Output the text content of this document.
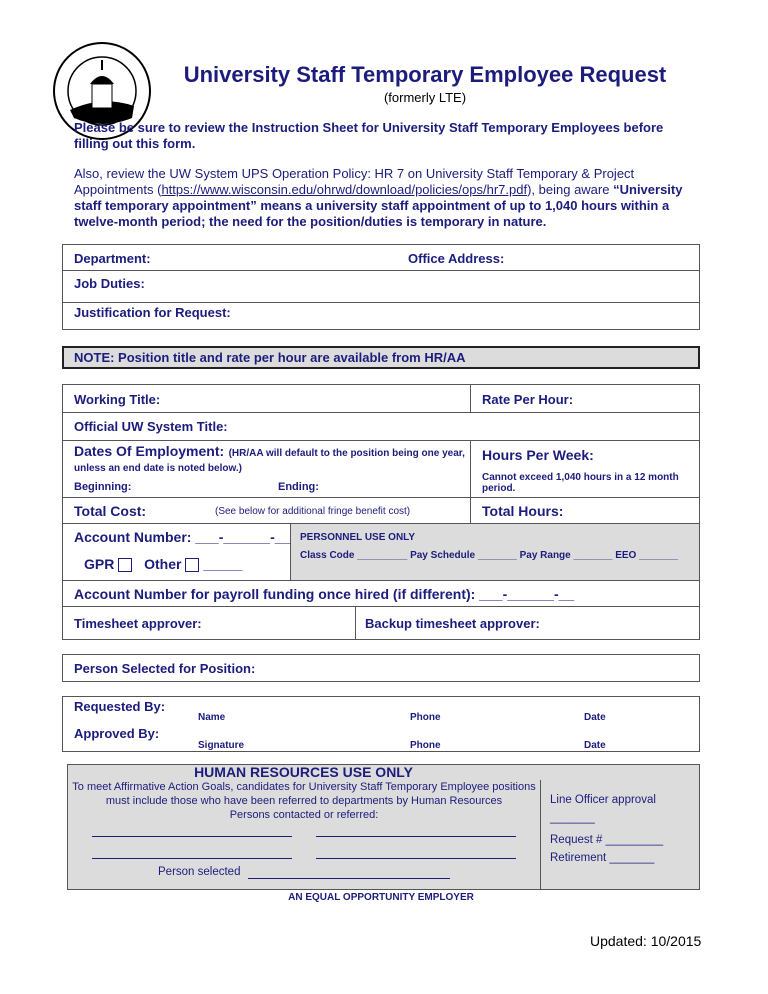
University Staff Temporary Employee Request
(formerly LTE)
Please be sure to review the Instruction Sheet for University Staff Temporary Employees before filling out this form.
Also, review the UW System UPS Operation Policy: HR 7 on University Staff Temporary & Project Appointments (https://www.wisconsin.edu/ohrwd/download/policies/ops/hr7.pdf), being aware “University staff temporary appointment” means a university staff appointment of up to 1,040 hours within a twelve-month period; the need for the position/duties is temporary in nature.
Department:	Office Address:
Job Duties:
Justification for Request:
NOTE: Position title and rate per hour are available from HR/AA
Working Title:	Rate Per Hour:
Official UW System Title:
Dates Of Employment: (HR/AA will default to the position being one year,
unless an end date is noted below.)
Beginning:	Ending:
Hours Per Week:
Cannot exceed 1,040 hours in a 12 month period.
Total Cost:	(See below for additional fringe benefit cost)	Total Hours:
Account Number: ___-______-__
GPR Other _____
PERSONNEL USE ONLY
Class Code _________ Pay Schedule _______ Pay Range _______ EEO _______
Account Number for payroll funding once hired (if different): ___-______-__
Timesheet approver:	Backup timesheet approver:
Person Selected for Position:
Requested By:
Name	Phone	Date
Approved By:
Signature	Phone	Date
HUMAN RESOURCES USE ONLY
To meet Affirmative Action Goals, candidates for University Staff Temporary Employee positions must include those who have been referred to departments by Human Resources
Persons contacted or referred:
Person selected
Line Officer approval
_______
Request # _________
Retirement _______
AN EQUAL OPPORTUNITY EMPLOYER
Updated: 10/2015
